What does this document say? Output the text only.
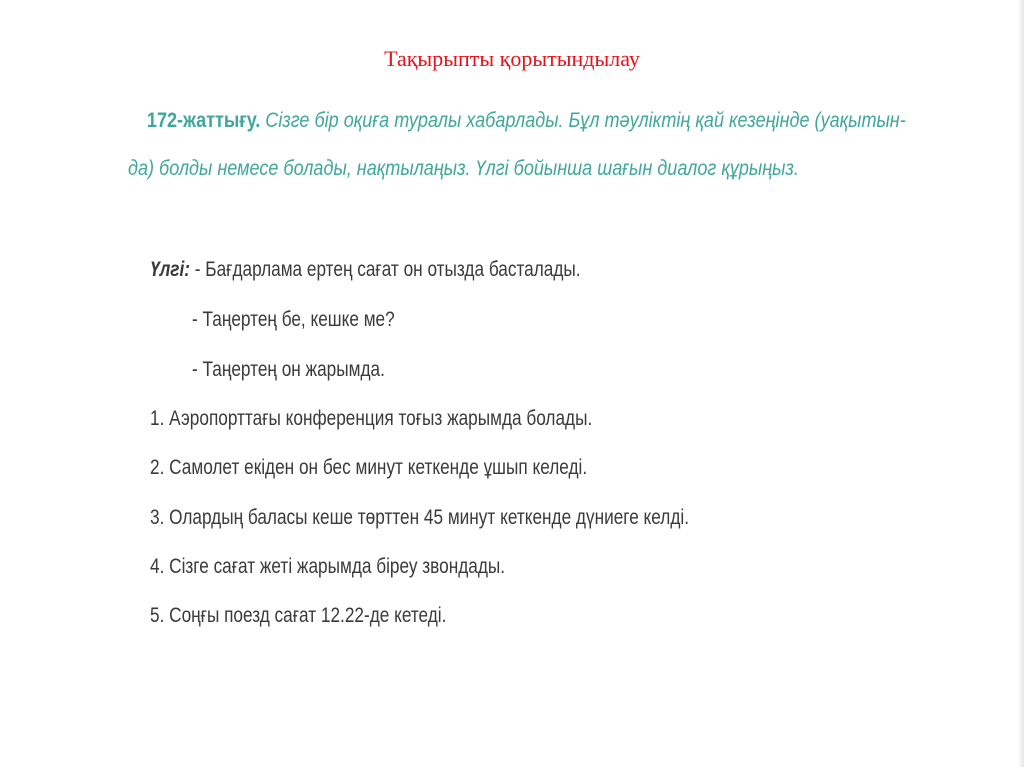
Тақырыпты қорытындылау
172-жаттығу. Сізге бір оқиға туралы хабарлады. Бұл тәуліктің қай кезеңінде (уақытын-
да) болды немесе болады, нақтылаңыз. Үлгі бойынша шағын диалог құрыңыз.
Үлгі: - Бағдарлама ертең сағат он отызда басталады.
- Таңертең бе, кешке ме?
- Таңертең он жарымда.
1. Аэропорттағы конференция тоғыз жарымда болады.
2. Самолет екіден он бес минут кеткенде ұшып келеді.
3. Олардың баласы кеше төрттен 45 минут кеткенде дүниеге келді.
4. Сізге сағат жеті жарымда біреу звондады.
5. Соңғы поезд сағат 12.22-де кетеді.
